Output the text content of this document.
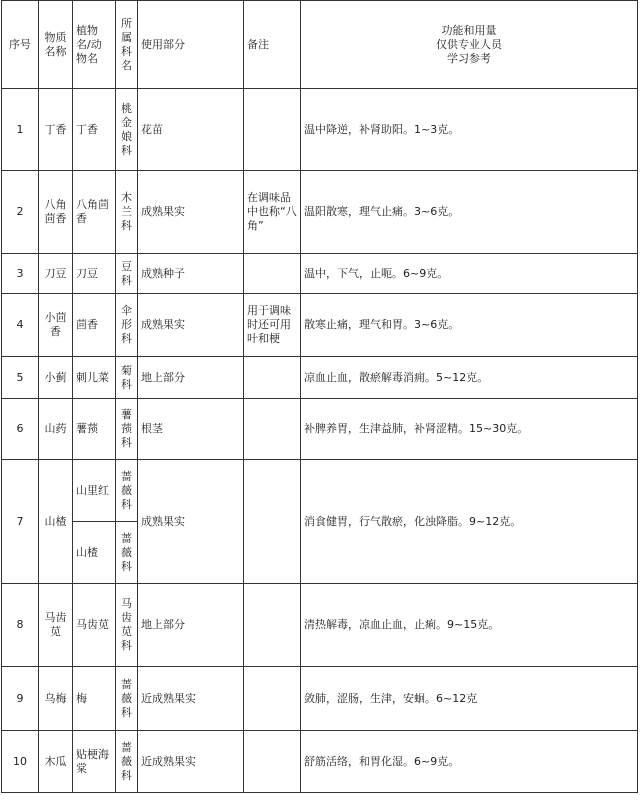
序号	物质名称	植物名/动物名	所属科名	使用部分	备注	功能和用量
仅供专业人员
学习参考

1	丁香	丁香	桃金娘科	花苗		温中降逆，补肾助阳。1~3克。
2	八角茴香	八角茴香	木兰科	成熟果实	在调味品中也称“八角”	温阳散寒，理气止痛。3~6克。
3	刀豆	刀豆	豆科	成熟种子		温中，下气，止呃。6~9克。
4	小茴香	茴香	伞形科	成熟果实	用于调味时还可用叶和梗	散寒止痛，理气和胃。3~6克。
5	小蓟	刺儿菜	菊科	地上部分		凉血止血，散瘀解毒消痈。5~12克。
6	山药	薯蓣	薯蓣科	根茎		补脾养胃，生津益肺，补肾涩精。15~30克。
7	山楂	山里红	蔷薇科	成熟果实		消食健胃，行气散瘀，化浊降脂。9~12克。
		山楂	蔷薇科			
8	马齿苋	马齿苋	马齿苋科	地上部分		清热解毒，凉血止血，止痢。9~15克。
9	乌梅	梅	蔷薇科	近成熟果实		敛肺，涩肠，生津，安蛔。6~12克
10	木瓜	贴梗海棠	蔷薇科	近成熟果实		舒筋活络，和胃化湿。6~9克。
